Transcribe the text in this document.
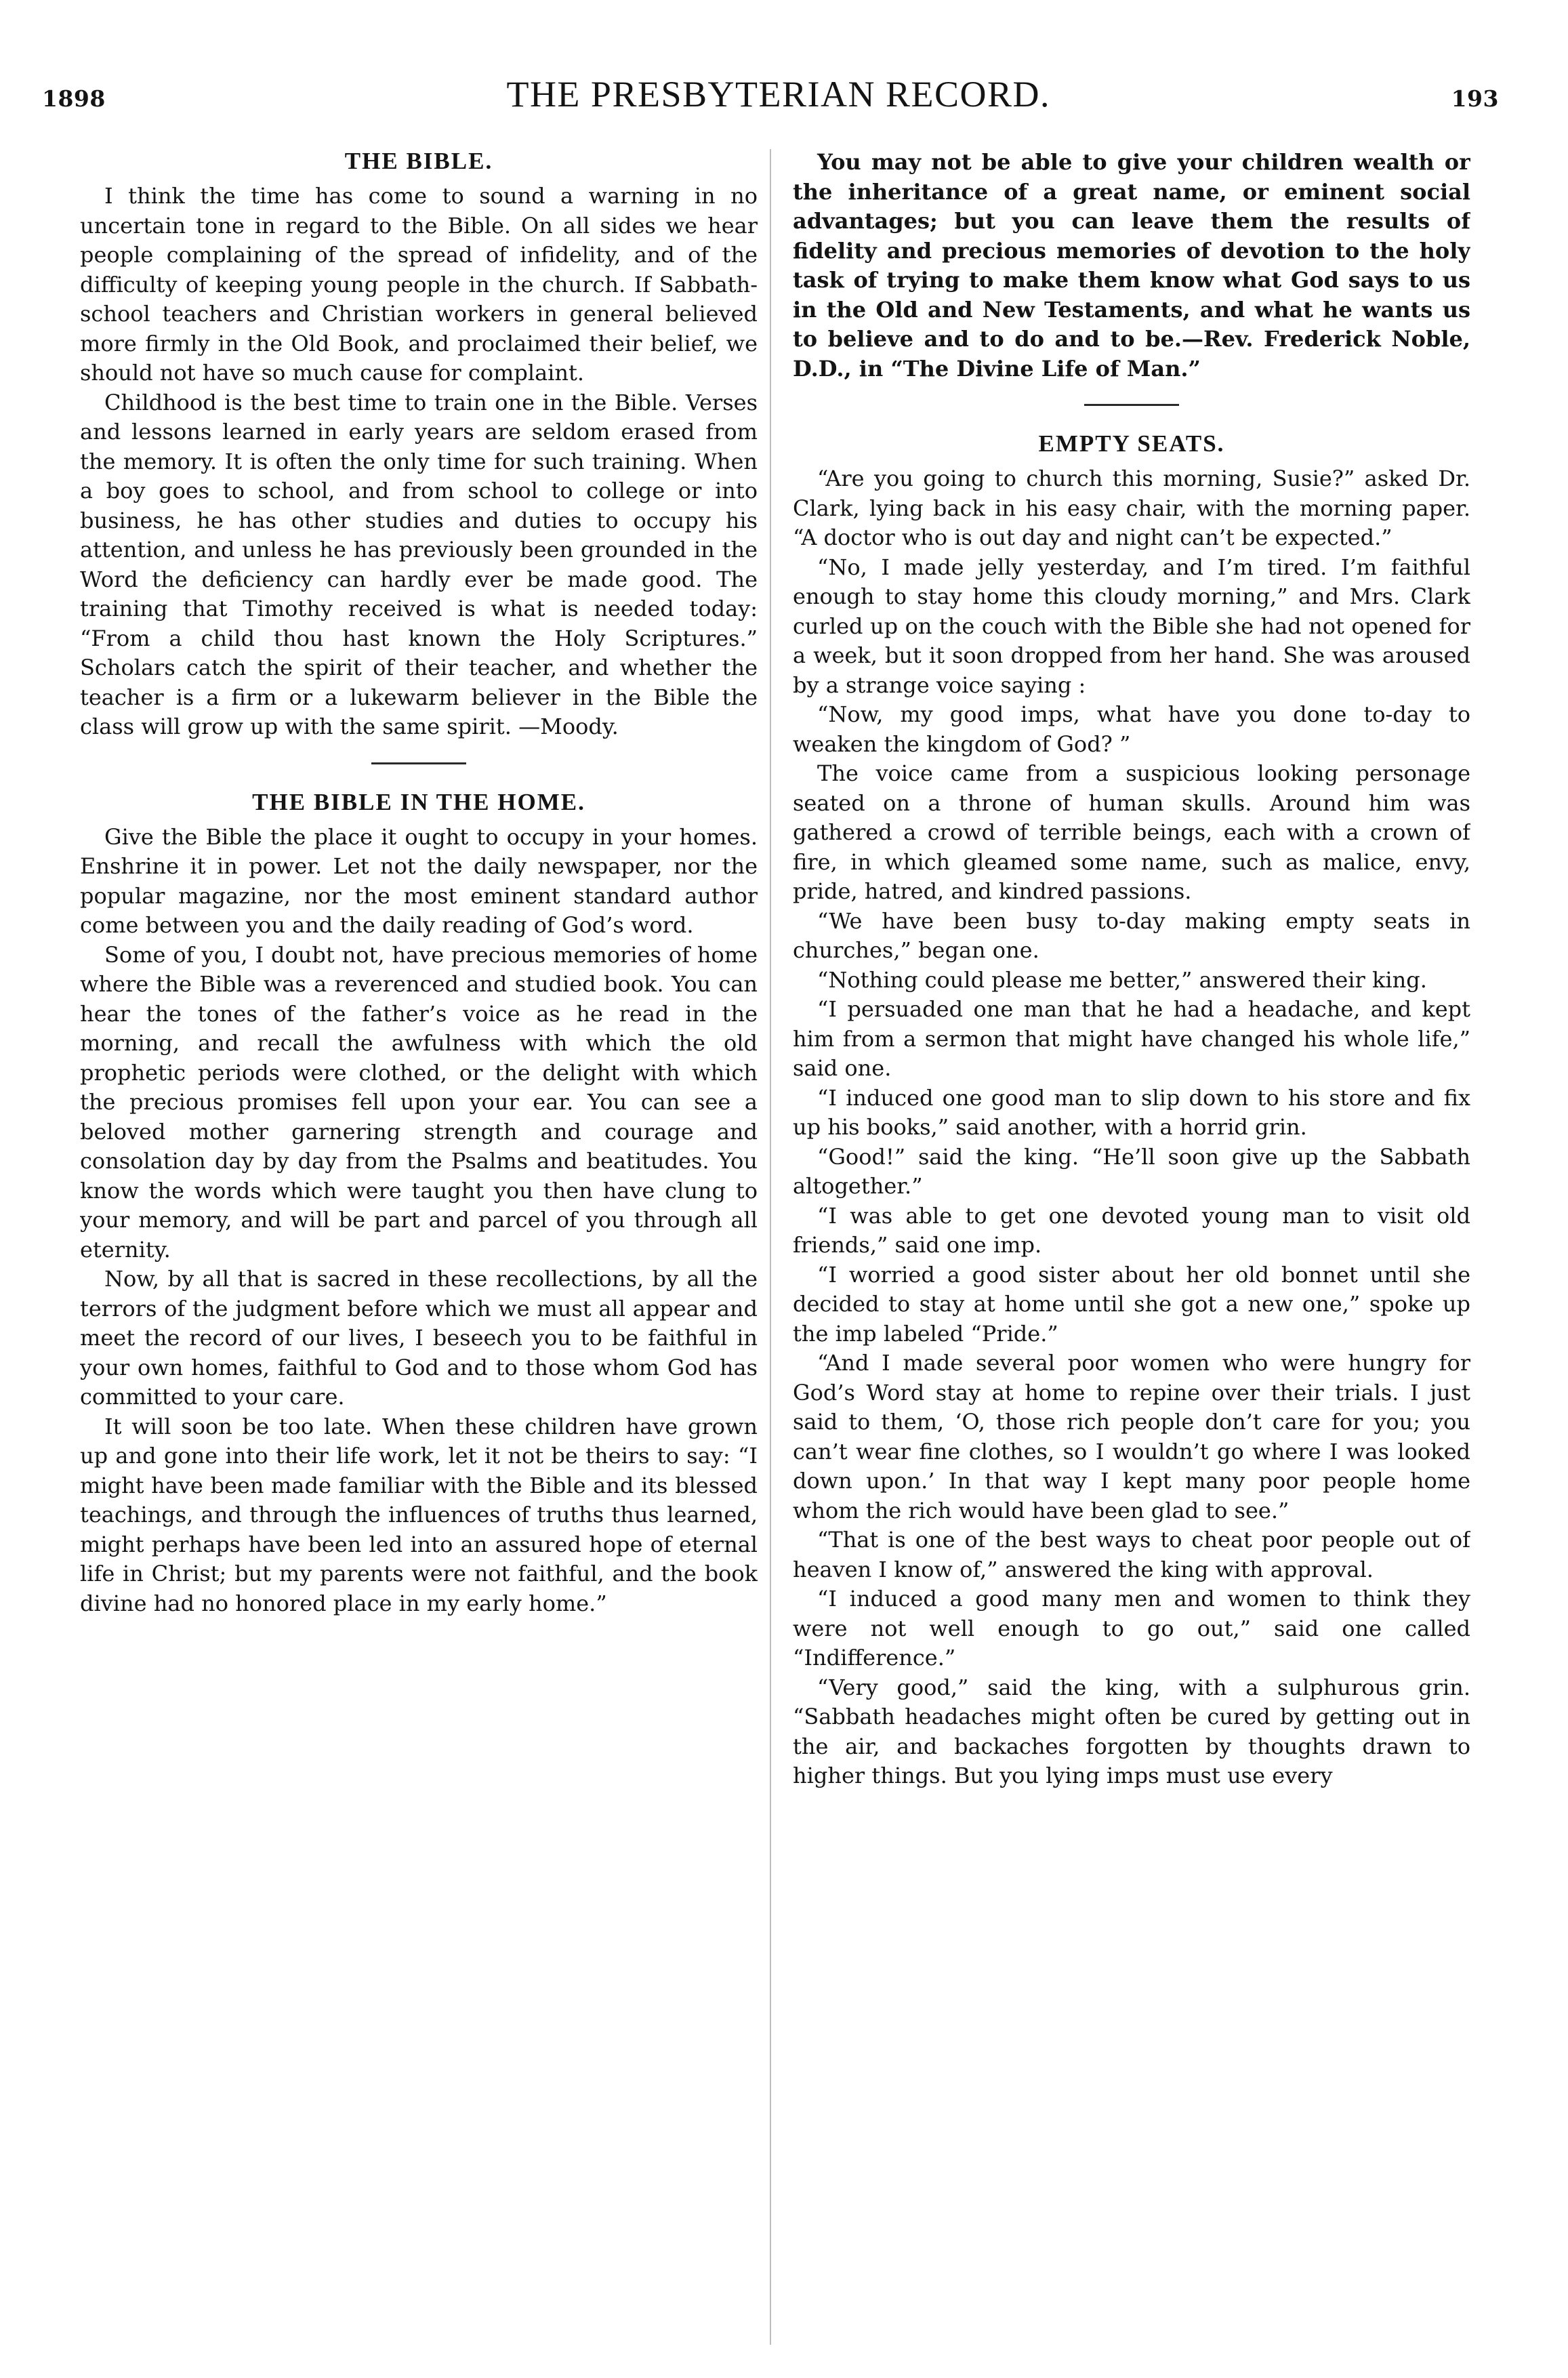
1898	THE PRESBYTERIAN RECORD.	193
THE BIBLE.

I think the time has come to sound a warning in no uncertain tone in regard to the Bible. On all sides we hear people complaining of the spread of infidelity, and of the difficulty of keeping young people in the church. If Sabbath-school teachers and Christian workers in general believed more firmly in the Old Book, and proclaimed their belief, we should not have so much cause for complaint.

Childhood is the best time to train one in the Bible. Verses and lessons learned in early years are seldom erased from the memory. It is often the only time for such training. When a boy goes to school, and from school to college or into business, he has other studies and duties to occupy his attention, and unless he has previously been grounded in the Word the deficiency can hardly ever be made good. The training that Timothy received is what is needed today: “From a child thou hast known the Holy Scriptures.” Scholars catch the spirit of their teacher, and whether the teacher is a firm or a lukewarm believer in the Bible the class will grow up with the same spirit. —Moody.

THE BIBLE IN THE HOME.

Give the Bible the place it ought to occupy in your homes. Enshrine it in power. Let not the daily newspaper, nor the popular magazine, nor the most eminent standard author come between you and the daily reading of God’s word.

Some of you, I doubt not, have precious memories of home where the Bible was a reverenced and studied book. You can hear the tones of the father’s voice as he read in the morning, and recall the awfulness with which the old prophetic periods were clothed, or the delight with which the precious promises fell upon your ear. You can see a beloved mother garnering strength and courage and consolation day by day from the Psalms and beatitudes. You know the words which were taught you then have clung to your memory, and will be part and parcel of you through all eternity.

Now, by all that is sacred in these recollections, by all the terrors of the judgment before which we must all appear and meet the record of our lives, I beseech you to be faithful in your own homes, faithful to God and to those whom God has committed to your care.

It will soon be too late. When these children have grown up and gone into their life work, let it not be theirs to say: “I might have been made familiar with the Bible and its blessed teachings, and through the influences of truths thus learned, might perhaps have been led into an assured hope of eternal life in Christ; but my parents were not faithful, and the book divine had no honored place in my early home.”

You may not be able to give your children wealth or the inheritance of a great name, or eminent social advantages; but you can leave them the results of fidelity and precious memories of devotion to the holy task of trying to make them know what God says to us in the Old and New Testaments, and what he wants us to believe and to do and to be.—Rev. Frederick Noble, D.D., in “The Divine Life of Man.”

EMPTY SEATS.

“Are you going to church this morning, Susie?” asked Dr. Clark, lying back in his easy chair, with the morning paper. “A doctor who is out day and night can’t be expected.”

“No, I made jelly yesterday, and I’m tired. I’m faithful enough to stay home this cloudy morning,” and Mrs. Clark curled up on the couch with the Bible she had not opened for a week, but it soon dropped from her hand. She was aroused by a strange voice saying :

“Now, my good imps, what have you done to-day to weaken the kingdom of God? ”

The voice came from a suspicious looking personage seated on a throne of human skulls. Around him was gathered a crowd of terrible beings, each with a crown of fire, in which gleamed some name, such as malice, envy, pride, hatred, and kindred passions.

“We have been busy to-day making empty seats in churches,” began one.

“Nothing could please me better,” answered their king.

“I persuaded one man that he had a headache, and kept him from a sermon that might have changed his whole life,” said one.

“I induced one good man to slip down to his store and fix up his books,” said another, with a horrid grin.

“Good!” said the king. “He’ll soon give up the Sabbath altogether.”

“I was able to get one devoted young man to visit old friends,” said one imp.

“I worried a good sister about her old bonnet until she decided to stay at home until she got a new one,” spoke up the imp labeled “Pride.”

“And I made several poor women who were hungry for God’s Word stay at home to repine over their trials. I just said to them, ‘O, those rich people don’t care for you; you can’t wear fine clothes, so I wouldn’t go where I was looked down upon.’ In that way I kept many poor people home whom the rich would have been glad to see.”

“That is one of the best ways to cheat poor people out of heaven I know of,” answered the king with approval.

“I induced a good many men and women to think they were not well enough to go out,” said one called “Indifference.”

“Very good,” said the king, with a sulphurous grin. “Sabbath headaches might often be cured by getting out in the air, and backaches forgotten by thoughts drawn to higher things. But you lying imps must use every
